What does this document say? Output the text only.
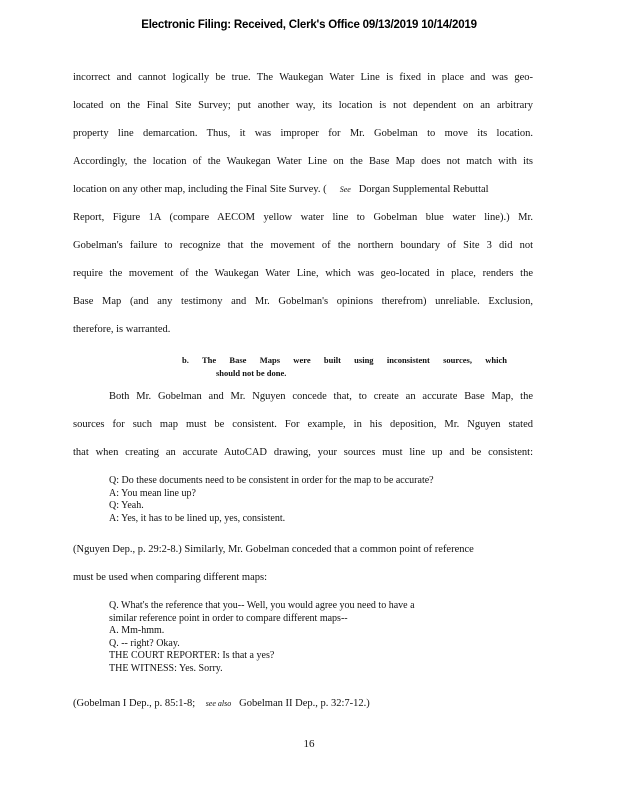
Electronic Filing: Received, Clerk's Office 09/13/2019 10/14/2019
incorrect and cannot logically be true. The Waukegan Water Line is fixed in place and was geo-
located on the Final Site Survey; put another way, its location is not dependent on an arbitrary
property line demarcation. Thus, it was improper for Mr. Gobelman to move its location.
Accordingly, the location of the Waukegan Water Line on the Base Map does not match with its
location on any other map, including the Final Site Survey. ( See Dorgan Supplemental Rebuttal
Report, Figure 1A (compare AECOM yellow water line to Gobelman blue water line).) Mr.
Gobelman's failure to recognize that the movement of the northern boundary of Site 3 did not
require the movement of the Waukegan Water Line, which was geo-located in place, renders the
Base Map (and any testimony and Mr. Gobelman's opinions therefrom) unreliable. Exclusion,
therefore, is warranted.
b. The Base Maps were built using inconsistent sources, which
should not be done.
Both Mr. Gobelman and Mr. Nguyen concede that, to create an accurate Base Map, the
sources for such map must be consistent. For example, in his deposition, Mr. Nguyen stated
that when creating an accurate AutoCAD drawing, your sources must line up and be consistent:
Q: Do these documents need to be consistent in order for the map to be accurate?
A: You mean line up?
Q: Yeah.
A: Yes, it has to be lined up, yes, consistent.
(Nguyen Dep., p. 29:2-8.) Similarly, Mr. Gobelman conceded that a common point of reference
must be used when comparing different maps:
Q. What's the reference that you-- Well, you would agree you need to have a
similar reference point in order to compare different maps--
A. Mm-hmm.
Q. -- right? Okay.
THE COURT REPORTER: Is that a yes?
THE WITNESS: Yes. Sorry.
(Gobelman I Dep., p. 85:1-8; see also Gobelman II Dep., p. 32:7-12.)
16
